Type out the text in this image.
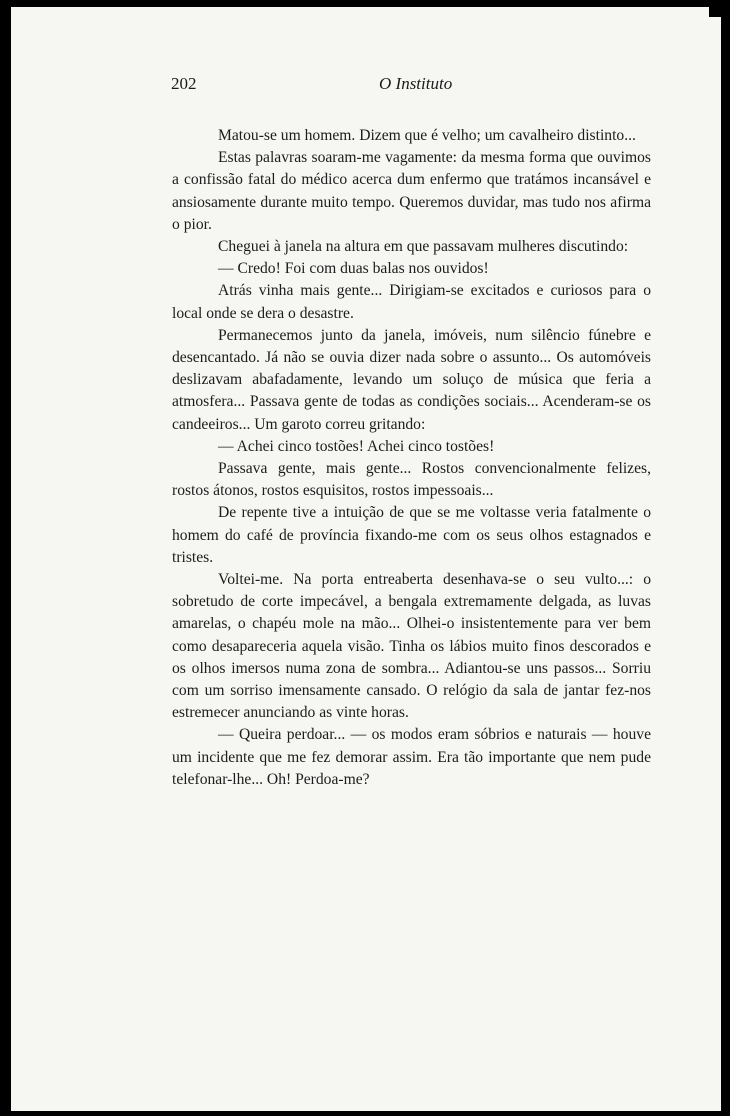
202	O Instituto

Matou-se um homem. Dizem que é velho; um cavalheiro distinto...

Estas palavras soaram-me vagamente: da mesma forma que ouvimos a confissão fatal do médico acerca dum enfermo que tratámos incansável e ansiosamente durante muito tempo. Queremos duvidar, mas tudo nos afirma o pior.

Cheguei à janela na altura em que passavam mulheres discutindo:

— Credo! Foi com duas balas nos ouvidos!

Atrás vinha mais gente... Dirigiam-se excitados e curiosos para o local onde se dera o desastre.

Permanecemos junto da janela, imóveis, num silêncio fúnebre e desencantado. Já não se ouvia dizer nada sobre o assunto... Os automóveis deslizavam abafadamente, levando um soluço de música que feria a atmosfera... Passava gente de todas as condições sociais... Acenderam-se os candeeiros... Um garoto correu gritando:

— Achei cinco tostões! Achei cinco tostões!

Passava gente, mais gente... Rostos convencionalmente felizes, rostos átonos, rostos esquisitos, rostos impessoais...

De repente tive a intuição de que se me voltasse veria fatalmente o homem do café de província fixando-me com os seus olhos estagnados e tristes.

Voltei-me. Na porta entreaberta desenhava-se o seu vulto...: o sobretudo de corte impecável, a bengala extremamente delgada, as luvas amarelas, o chapéu mole na mão... Olhei-o insistentemente para ver bem como desapareceria aquela visão. Tinha os lábios muito finos descorados e os olhos imersos numa zona de sombra... Adiantou-se uns passos... Sorriu com um sorriso imensamente cansado. O relógio da sala de jantar fez-nos estremecer anunciando as vinte horas.

— Queira perdoar... — os modos eram sóbrios e naturais — houve um incidente que me fez demorar assim. Era tão importante que nem pude telefonar-lhe... Oh! Perdoa-me?
